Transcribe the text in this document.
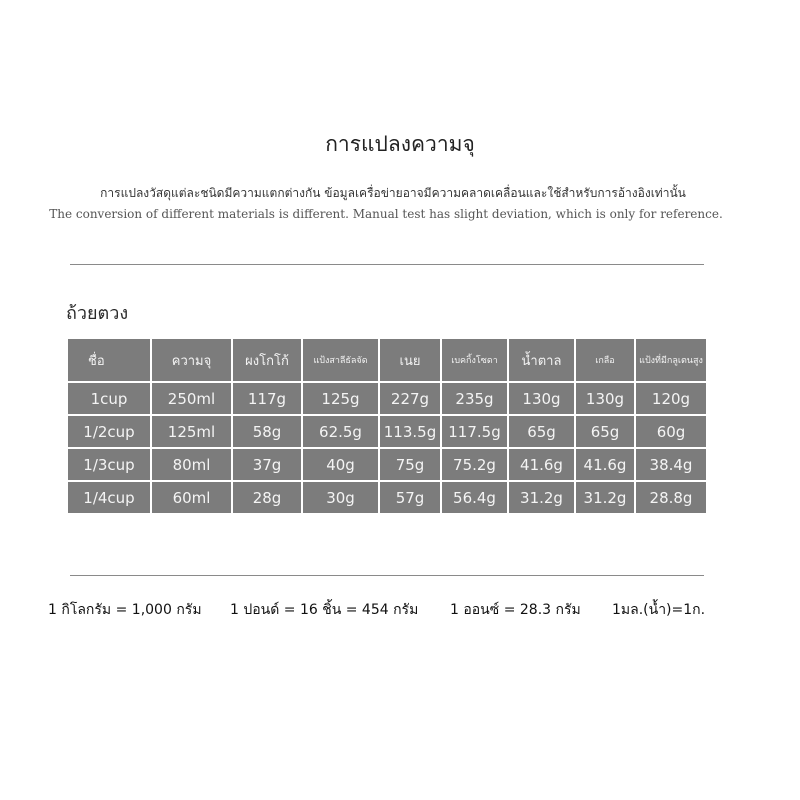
การแปลงความจุ
การแปลงวัสดุแต่ละชนิดมีความแตกต่างกัน ข้อมูลเครื่อข่ายอาจมีความคลาดเคลื่อนและใช้สำหรับการอ้างอิงเท่านั้น
The conversion of different materials is different. Manual test has slight deviation, which is only for reference.
ถ้วยตวง
ชื่อ	ความจุ	ผงโกโก้	แป้งสาลีธัลจัด	เนย	เบคกิ้งโซดา	น้ำตาล	เกลือ	แป้งที่มีกลูเตนสูง
1cup	250ml	117g	125g	227g	235g	130g	130g	120g
1/2cup	125ml	58g	62.5g	113.5g	117.5g	65g	65g	60g
1/3cup	80ml	37g	40g	75g	75.2g	41.6g	41.6g	38.4g
1/4cup	60ml	28g	30g	57g	56.4g	31.2g	31.2g	28.8g
1 กิโลกรัม = 1,000 กรัม 1 ปอนด์ = 16 ชิ้น = 454 กรัม 1 ออนซ์ = 28.3 กรัม 1มล.(น้ำ)=1ก.
